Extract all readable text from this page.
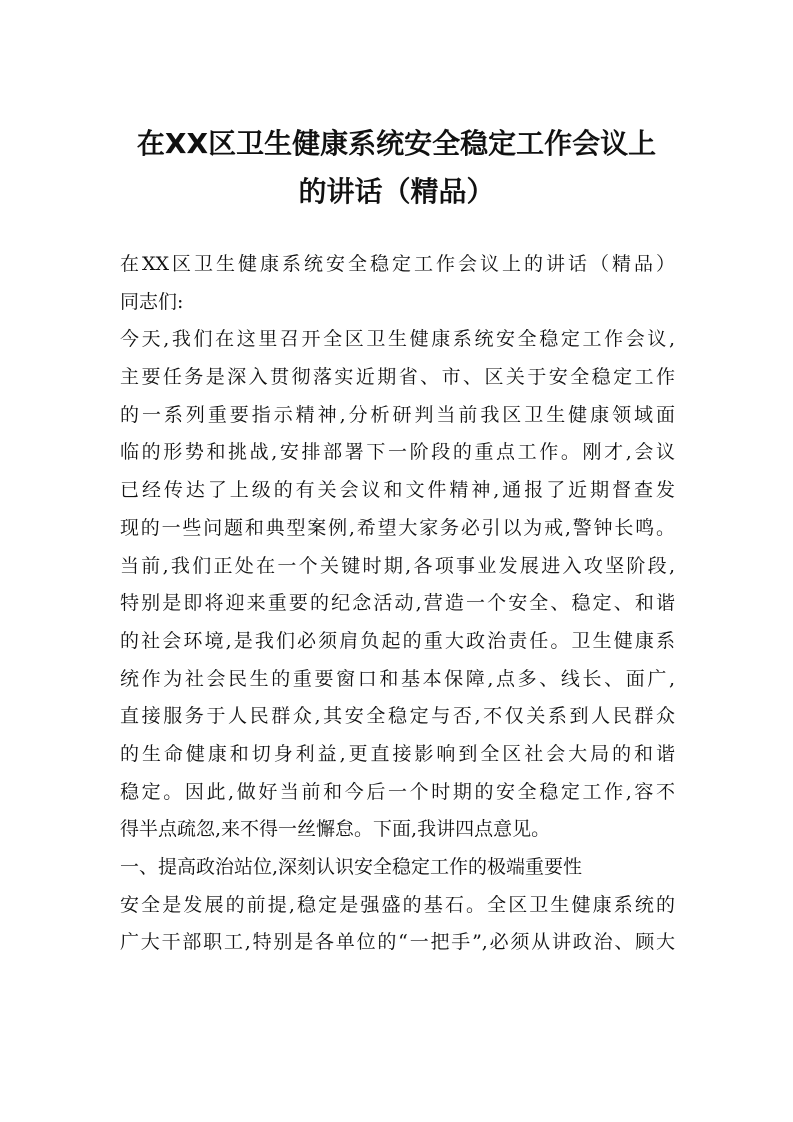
在XX区卫生健康系统安全稳定工作会议上
的讲话（精品）
在XX区卫生健康系统安全稳定工作会议上的讲话（精品）
同志们:
今天,我们在这里召开全区卫生健康系统安全稳定工作会议,
主要任务是深入贯彻落实近期省、市、区关于安全稳定工作
的一系列重要指示精神,分析研判当前我区卫生健康领域面
临的形势和挑战,安排部署下一阶段的重点工作。刚才,会议
已经传达了上级的有关会议和文件精神,通报了近期督查发
现的一些问题和典型案例,希望大家务必引以为戒,警钟长鸣。
当前,我们正处在一个关键时期,各项事业发展进入攻坚阶段,
特别是即将迎来重要的纪念活动,营造一个安全、稳定、和谐
的社会环境,是我们必须肩负起的重大政治责任。卫生健康系
统作为社会民生的重要窗口和基本保障,点多、线长、面广,
直接服务于人民群众,其安全稳定与否,不仅关系到人民群众
的生命健康和切身利益,更直接影响到全区社会大局的和谐
稳定。因此,做好当前和今后一个时期的安全稳定工作,容不
得半点疏忽,来不得一丝懈怠。下面,我讲四点意见。
一、提高政治站位,深刻认识安全稳定工作的极端重要性
安全是发展的前提,稳定是强盛的基石。全区卫生健康系统的
广大干部职工,特别是各单位的“一把手”,必须从讲政治、顾大
